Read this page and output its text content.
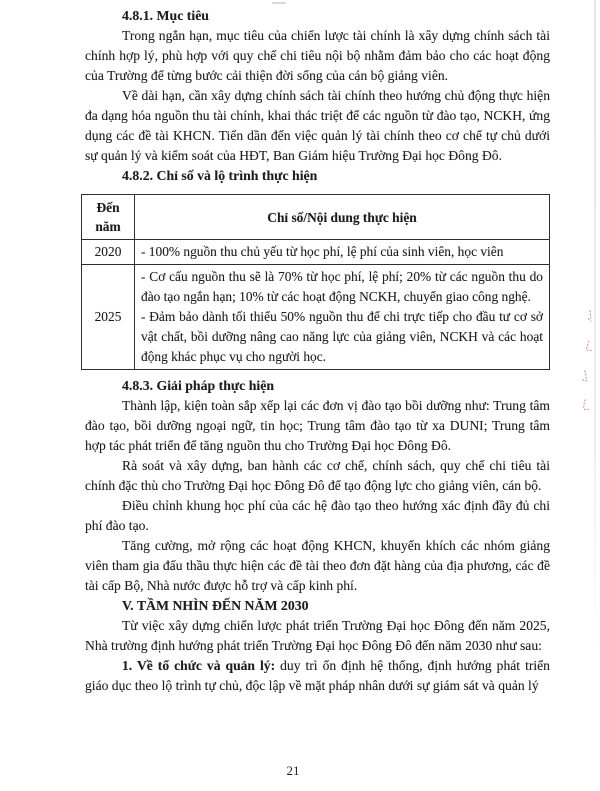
4.8.1. Mục tiêu

Trong ngắn hạn, mục tiêu của chiến lược tài chính là xây dựng chính sách tài chính hợp lý, phù hợp với quy chế chi tiêu nội bộ nhằm đảm bảo cho các hoạt động của Trường để từng bước cải thiện đời sống của cán bộ giảng viên.

Về dài hạn, cần xây dựng chính sách tài chính theo hướng chủ động thực hiện đa dạng hóa nguồn thu tài chính, khai thác triệt để các nguồn từ đào tạo, NCKH, ứng dụng các đề tài KHCN. Tiến dần đến việc quản lý tài chính theo cơ chế tự chủ dưới sự quản lý và kiểm soát của HĐT, Ban Giám hiệu Trường Đại học Đông Đô.

4.8.2. Chỉ số và lộ trình thực hiện
Đến năm	Chỉ số/Nội dung thực hiện
2020	- 100% nguồn thu chủ yếu từ học phí, lệ phí của sinh viên, học viên

2025	- Cơ cấu nguồn thu sẽ là 70% từ học phí, lệ phí; 20% từ các nguồn thu do đào tạo ngắn hạn; 10% từ các hoạt động NCKH, chuyển giao công nghệ.
- Đảm bảo dành tối thiểu 50% nguồn thu để chi trực tiếp cho đầu tư cơ sở vật chất, bồi dưỡng nâng cao năng lực của giảng viên, NCKH và các hoạt động khác phục vụ cho người học.
4.8.3. Giải pháp thực hiện

Thành lập, kiện toàn sắp xếp lại các đơn vị đào tạo bồi dưỡng như: Trung tâm đào tạo, bồi dưỡng ngoại ngữ, tin học; Trung tâm đào tạo từ xa DUNI; Trung tâm hợp tác phát triển để tăng nguồn thu cho Trường Đại học Đông Đô.

Rà soát và xây dựng, ban hành các cơ chế, chính sách, quy chế chi tiêu tài chính đặc thù cho Trường Đại học Đông Đô để tạo động lực cho giảng viên, cán bộ.

Điều chỉnh khung học phí của các hệ đào tạo theo hướng xác định đầy đủ chi phí đào tạo.

Tăng cường, mở rộng các hoạt động KHCN, khuyến khích các nhóm giảng viên tham gia đấu thầu thực hiện các đề tài theo đơn đặt hàng của địa phương, các đề tài cấp Bộ, Nhà nước được hỗ trợ và cấp kinh phí.

V. TẦM NHÌN ĐẾN NĂM 2030

Từ việc xây dựng chiến lược phát triển Trường Đại học Đông đến năm 2025, Nhà trường định hướng phát triển Trường Đại học Đông Đô đến năm 2030 như sau:

1. Về tổ chức và quản lý: duy trì ổn định hệ thống, định hướng phát triển giáo dục theo lộ trình tự chủ, độc lập về mặt pháp nhân dưới sự giám sát và quản lý

21
